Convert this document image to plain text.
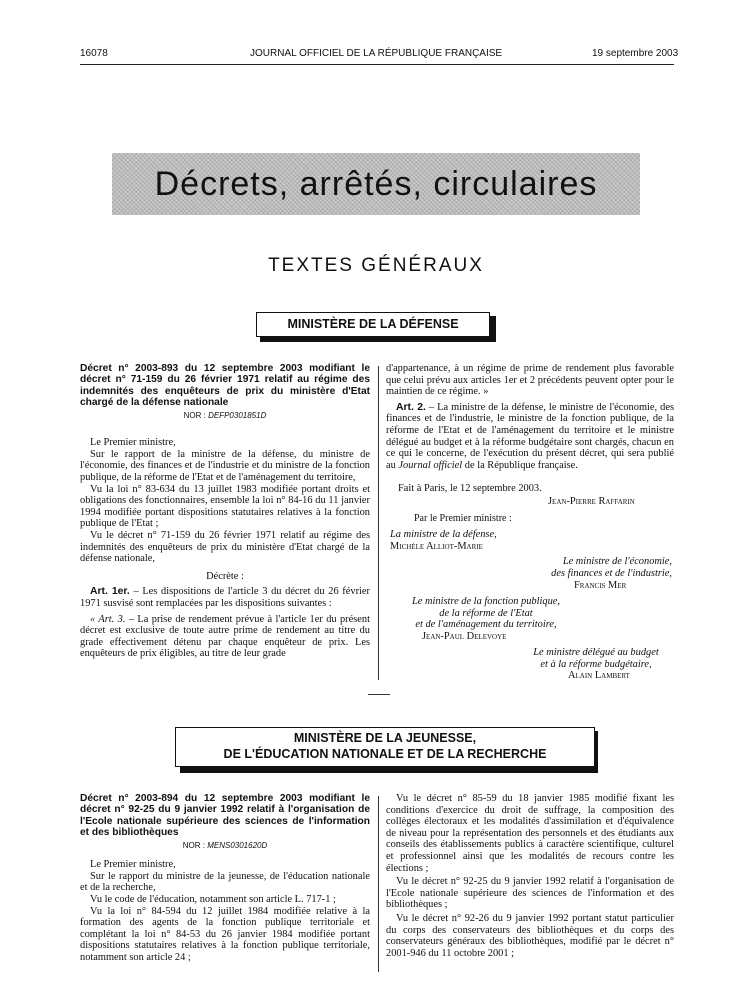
16078	JOURNAL OFFICIEL DE LA RÉPUBLIQUE FRANÇAISE	19 septembre 2003
Décrets, arrêtés, circulaires
TEXTES GÉNÉRAUX
MINISTÈRE DE LA DÉFENSE

Décret n° 2003-893 du 12 septembre 2003 modifiant le décret n° 71-159 du 26 février 1971 relatif au régime des indemnités des enquêteurs de prix du ministère d'Etat chargé de la défense nationale

NOR : DEFP0301851D

Le Premier ministre,

Sur le rapport de la ministre de la défense, du ministre de l'économie, des finances et de l'industrie et du ministre de la fonction publique, de la réforme de l'Etat et de l'aménagement du territoire,

Vu la loi n° 83-634 du 13 juillet 1983 modifiée portant droits et obligations des fonctionnaires, ensemble la loi n° 84-16 du 11 janvier 1994 modifiée portant dispositions statutaires relatives à la fonction publique de l'Etat ;

Vu le décret n° 71-159 du 26 février 1971 relatif au régime des indemnités des enquêteurs de prix du ministère d'Etat chargé de la défense nationale,

Décrète :

Art. 1er. – Les dispositions de l'article 3 du décret du 26 février 1971 susvisé sont remplacées par les dispositions suivantes :

« Art. 3. – La prise de rendement prévue à l'article 1er du présent décret est exclusive de toute autre prime de rendement au titre du grade effectivement détenu par chaque enquêteur de prix. Les enquêteurs de prix éligibles, au titre de leur grade

d'appartenance, à un régime de prime de rendement plus favorable que celui prévu aux articles 1er et 2 précédents peuvent opter pour le maintien de ce régime. »

Art. 2. – La ministre de la défense, le ministre de l'économie, des finances et de l'industrie, le ministre de la fonction publique, de la réforme de l'Etat et de l'aménagement du territoire et le ministre délégué au budget et à la réforme budgétaire sont chargés, chacun en ce qui le concerne, de l'exécution du présent décret, qui sera publié au Journal officiel de la République française.

Fait à Paris, le 12 septembre 2003.
Jean-Pierre Raffarin
Par le Premier ministre :
La ministre de la défense,
Michèle Alliot-Marie
Le ministre de l'économie,
des finances et de l'industrie,
Francis Mer
Le ministre de la fonction publique,
de la réforme de l'Etat
et de l'aménagement du territoire,
Jean-Paul Delevoye
Le ministre délégué au budget
et à la réforme budgétaire,
Alain Lambert
MINISTÈRE DE LA JEUNESSE,
DE L'ÉDUCATION NATIONALE ET DE LA RECHERCHE

Décret n° 2003-894 du 12 septembre 2003 modifiant le décret n° 92-25 du 9 janvier 1992 relatif à l'organisation de l'Ecole nationale supérieure des sciences de l'information et des bibliothèques

NOR : MENS0301620D

Le Premier ministre,

Sur le rapport du ministre de la jeunesse, de l'éducation nationale et de la recherche,

Vu le code de l'éducation, notamment son article L. 717-1 ;

Vu la loi n° 84-594 du 12 juillet 1984 modifiée relative à la formation des agents de la fonction publique territoriale et complétant la loi n° 84-53 du 26 janvier 1984 modifiée portant dispositions statutaires relatives à la fonction publique territoriale, notamment son article 24 ;

Vu le décret n° 85-59 du 18 janvier 1985 modifié fixant les conditions d'exercice du droit de suffrage, la composition des collèges électoraux et les modalités d'assimilation et d'équivalence de niveau pour la représentation des personnels et des étudiants aux conseils des établissements publics à caractère scientifique, culturel et professionnel ainsi que les modalités de recours contre les élections ;

Vu le décret n° 92-25 du 9 janvier 1992 relatif à l'organisation de l'Ecole nationale supérieure des sciences de l'information et des bibliothèques ;

Vu le décret n° 92-26 du 9 janvier 1992 portant statut particulier du corps des conservateurs des bibliothèques et du corps des conservateurs généraux des bibliothèques, modifié par le décret n° 2001-946 du 11 octobre 2001 ;
